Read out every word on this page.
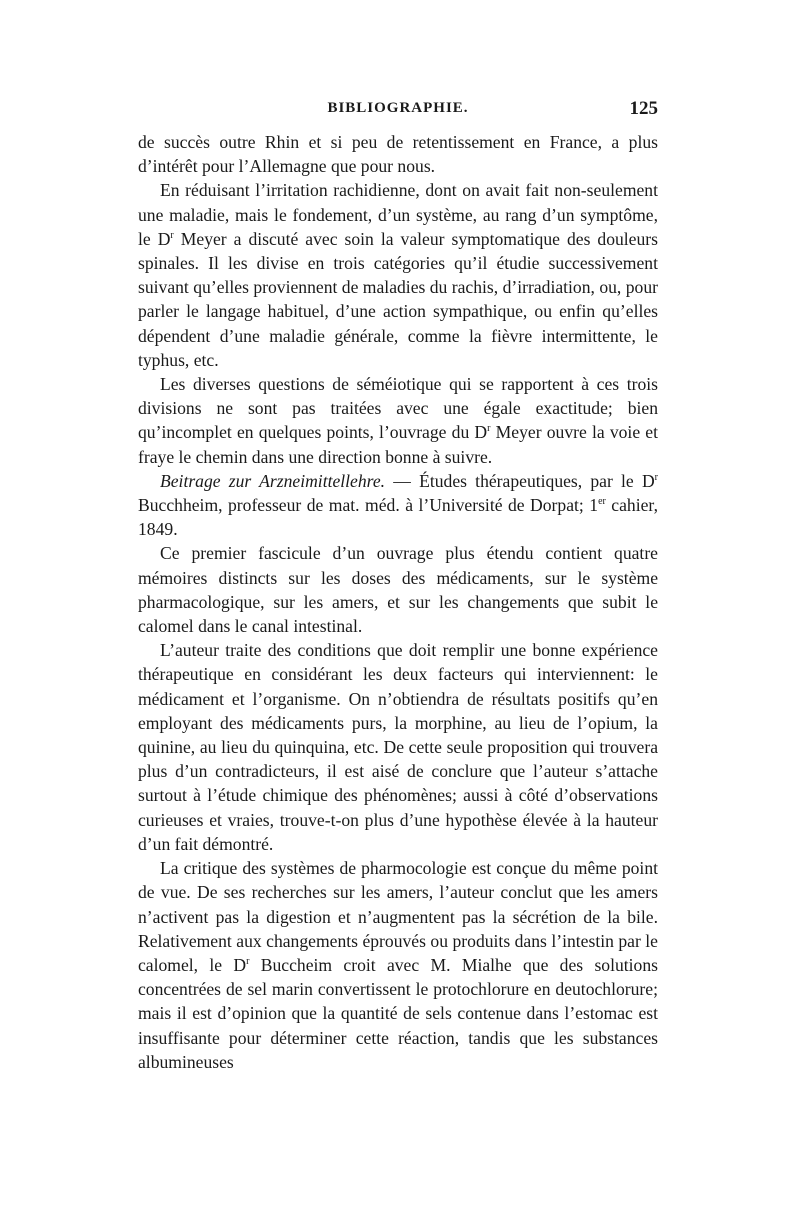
BIBLIOGRAPHIE.	125

de succès outre Rhin et si peu de retentissement en France, a plus d’intérêt pour l’Allemagne que pour nous.

En réduisant l’irritation rachidienne, dont on avait fait non-seulement une maladie, mais le fondement, d’un système, au rang d’un symptôme, le $D^r$ Meyer a discuté avec soin la valeur symptomatique des douleurs spinales. Il les divise en trois catégories qu’il étudie successivement suivant qu’elles proviennent de maladies du rachis, d’irradiation, ou, pour parler le langage habituel, d’une action sympathique, ou enfin qu’elles dépendent d’une maladie générale, comme la fièvre intermittente, le typhus, etc.

Les diverses questions de séméiotique qui se rapportent à ces trois divisions ne sont pas traitées avec une égale exactitude; bien qu’incomplet en quelques points, l’ouvrage du $D^r$ Meyer ouvre la voie et fraye le chemin dans une direction bonne à suivre.

Beitrage zur Arzneimittellehre. — Études thérapeutiques, par le $D^r$ Bucchheim, professeur de mat. méd. à l’Université de Dorpat; 1er cahier, 1849.

Ce premier fascicule d’un ouvrage plus étendu contient quatre mémoires distincts sur les doses des médicaments, sur le système pharmacologique, sur les amers, et sur les changements que subit le calomel dans le canal intestinal.

L’auteur traite des conditions que doit remplir une bonne expérience thérapeutique en considérant les deux facteurs qui interviennent: le médicament et l’organisme. On n’obtiendra de résultats positifs qu’en employant des médicaments purs, la morphine, au lieu de l’opium, la quinine, au lieu du quinquina, etc. De cette seule proposition qui trouvera plus d’un contradicteurs, il est aisé de conclure que l’auteur s’attache surtout à l’étude chimique des phénomènes; aussi à côté d’observations curieuses et vraies, trouve-t-on plus d’une hypothèse élevée à la hauteur d’un fait démontré.

La critique des systèmes de pharmocologie est conçue du même point de vue. De ses recherches sur les amers, l’auteur conclut que les amers n’activent pas la digestion et n’augmentent pas la sécrétion de la bile. Relativement aux changements éprouvés ou produits dans l’intestin par le calomel, le $D^r$ Buccheim croit avec M. Mialhe que des solutions concentrées de sel marin convertissent le protochlorure en deutochlorure; mais il est d’opinion que la quantité de sels contenue dans l’estomac est insuffisante pour déterminer cette réaction, tandis que les substances albumineuses
